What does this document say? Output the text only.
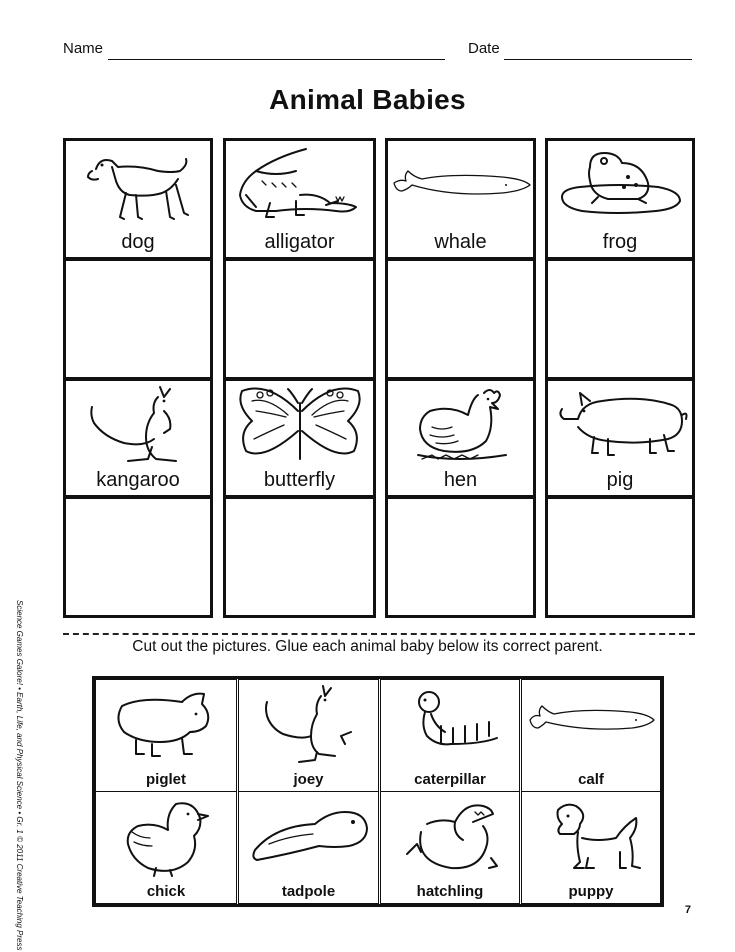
Name	Date
Animal Babies
dog	alligator	whale	frog
kangaroo	butterfly	hen	pig
Cut out the pictures. Glue each animal baby below its correct parent.
piglet	joey	caterpillar	calf
chick	tadpole	hatchling	puppy
Science Games Galore! • Earth, Life, and Physical Science • Gr. 1 © 2011 Creative Teaching Press	7
